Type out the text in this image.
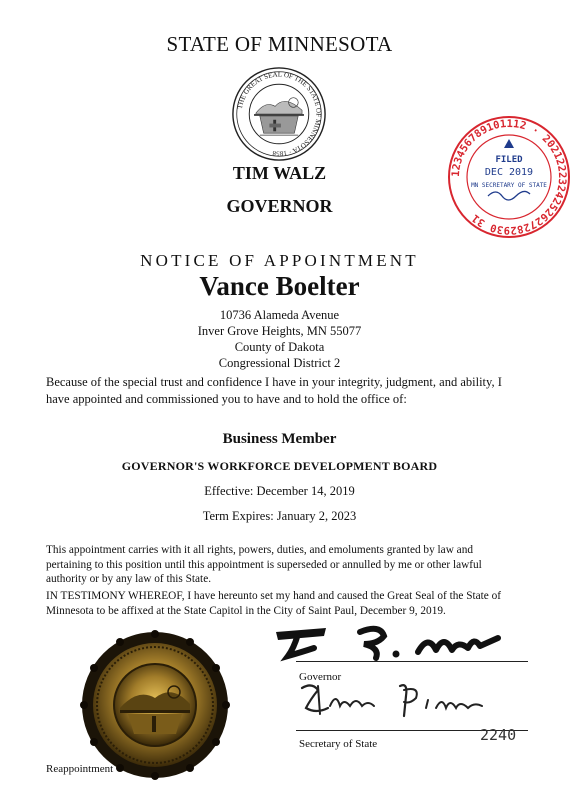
STATE OF MINNESOTA
THE GREAT SEAL OF THE STATE OF MINNESOTA · 1858
TIM WALZ
GOVERNOR
123456789101112 · 2021222324252627282930 31
FILED
DEC 2019
MN SECRETARY OF STATE
NOTICE OF APPOINTMENT
Vance Boelter
10736 Alameda Avenue
Inver Grove Heights, MN 55077
County of Dakota
Congressional District 2

Because of the special trust and confidence I have in your integrity, judgment, and ability, I have appointed and commissioned you to have and to hold the office of:

Business Member
GOVERNOR'S WORKFORCE DEVELOPMENT BOARD
Effective: December 14, 2019
Term Expires: January 2, 2023

This appointment carries with it all rights, powers, duties, and emoluments granted by law and pertaining to this position until this appointment is superseded or annulled by me or other lawful authority or by any law of this State.

IN TESTIMONY WHEREOF, I have hereunto set my hand and caused the Great Seal of the State of Minnesota to be affixed at the State Capitol in the City of Saint Paul, December 9, 2019.

Governor
Secretary of State	2240
Reappointment
